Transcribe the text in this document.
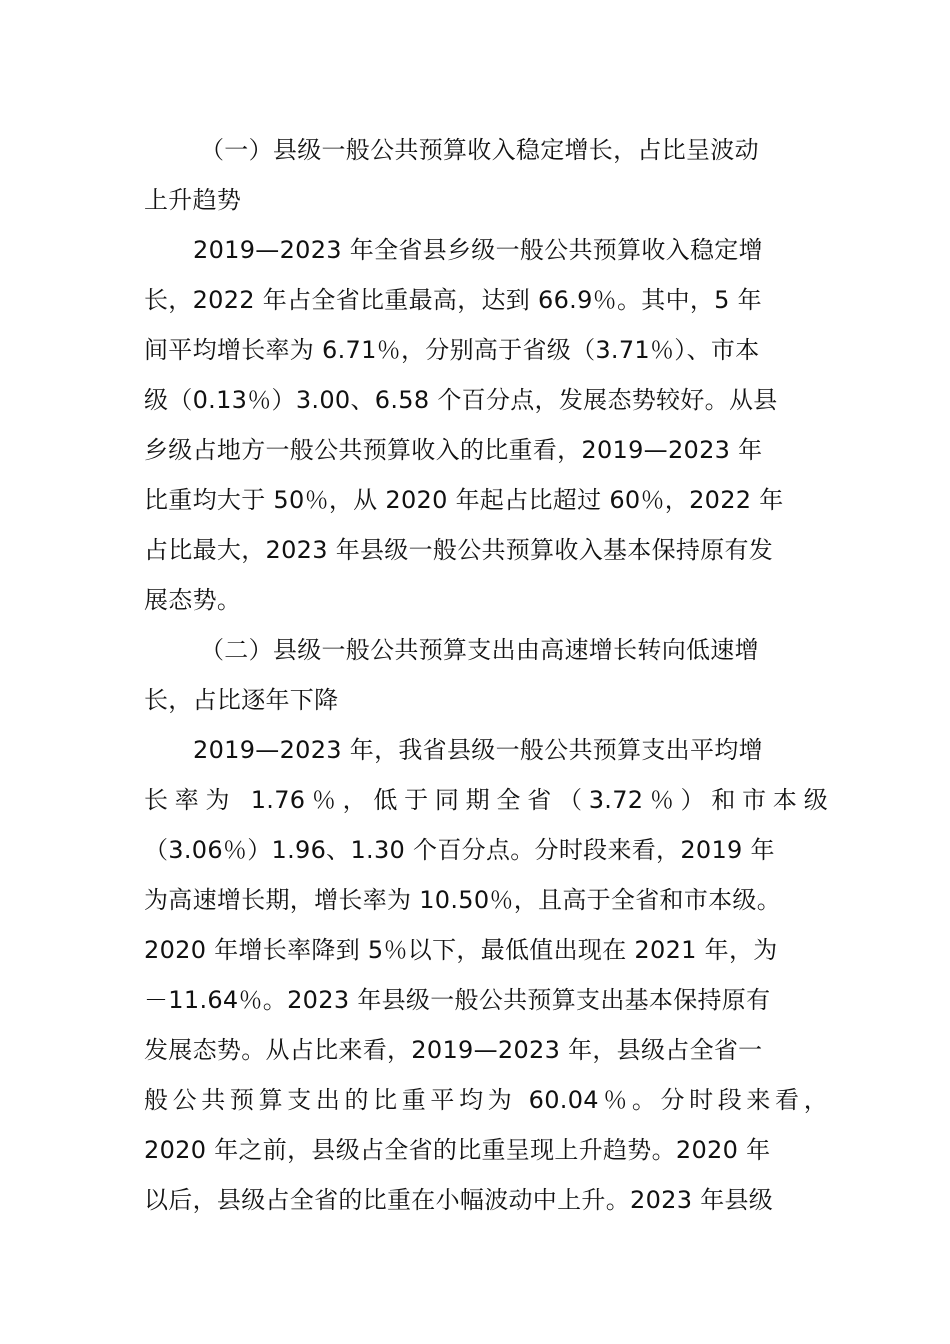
（一）县级一般公共预算收入稳定增长，占比呈波动
上升趋势
2019—2023 年全省县乡级一般公共预算收入稳定增
长，2022 年占全省比重最高，达到 66.9％。其中，5 年
间平均增长率为 6.71％，分别高于省级（3.71％）、市本
级（0.13％）3.00、6.58 个百分点，发展态势较好。从县
乡级占地方一般公共预算收入的比重看，2019—2023 年
比重均大于 50％，从 2020 年起占比超过 60％，2022 年
占比最大，2023 年县级一般公共预算收入基本保持原有发
展态势。
（二）县级一般公共预算支出由高速增长转向低速增
长，占比逐年下降
2019—2023 年，我省县级一般公共预算支出平均增
长率为 1.76％，低于同期全省（3.72％）和市本级
（3.06％）1.96、1.30 个百分点。分时段来看，2019 年
为高速增长期，增长率为 10.50％，且高于全省和市本级。
2020 年增长率降到 5％以下，最低值出现在 2021 年，为
－11.64％。2023 年县级一般公共预算支出基本保持原有
发展态势。从占比来看，2019—2023 年，县级占全省一
般公共预算支出的比重平均为 60.04％。分时段来看，
2020 年之前，县级占全省的比重呈现上升趋势。2020 年
以后，县级占全省的比重在小幅波动中上升。2023 年县级
